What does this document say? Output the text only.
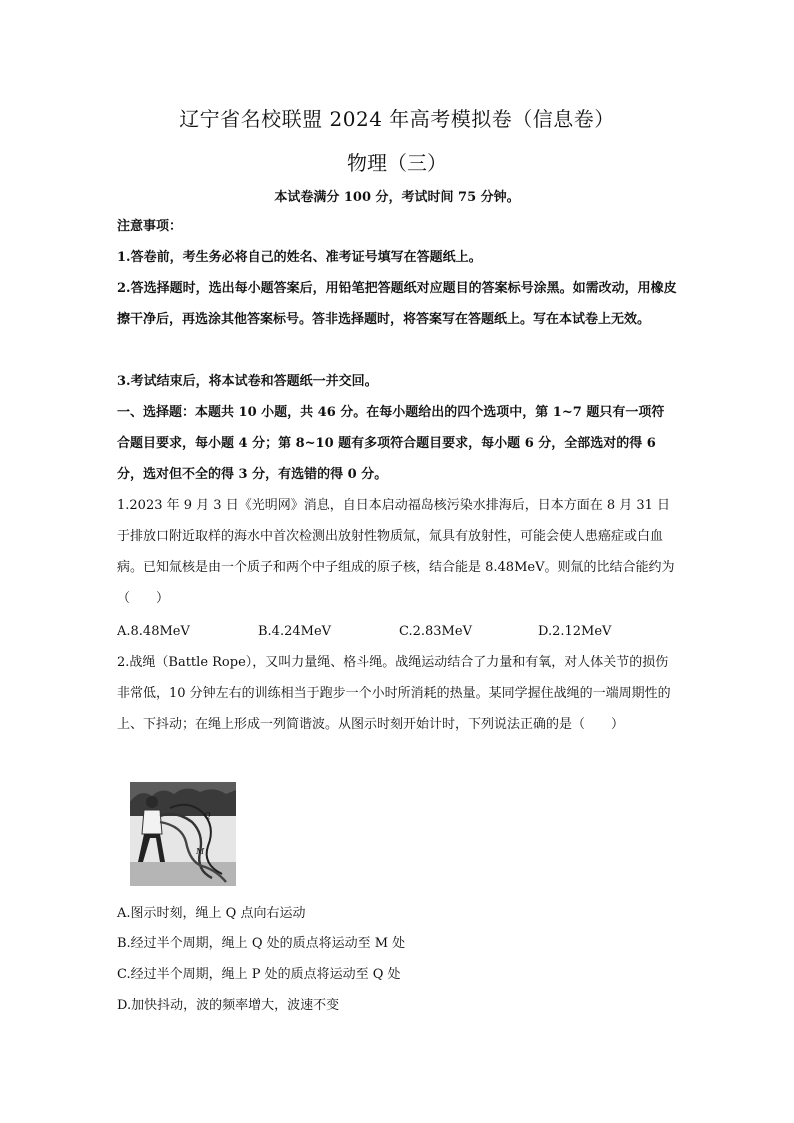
辽宁省名校联盟 2024 年高考模拟卷（信息卷）
物理（三）
本试卷满分 100 分，考试时间 75 分钟。
注意事项：
1.答卷前，考生务必将自己的姓名、准考证号填写在答题纸上。
2.答选择题时，选出每小题答案后，用铅笔把答题纸对应题目的答案标号涂黑。如需改动，用橡皮擦干净后，再选涂其他答案标号。答非选择题时，将答案写在答题纸上。写在本试卷上无效。
3.考试结束后，将本试卷和答题纸一并交回。
一、选择题：本题共 10 小题，共 46 分。在每小题给出的四个选项中，第 1~7 题只有一项符合题目要求，每小题 4 分；第 8~10 题有多项符合题目要求，每小题 6 分，全部选对的得 6 分，选对但不全的得 3 分，有选错的得 0 分。
1.2023 年 9 月 3 日《光明网》消息，自日本启动福岛核污染水排海后，日本方面在 8 月 31 日于排放口附近取样的海水中首次检测出放射性物质氚，氚具有放射性，可能会使人患癌症或白血病。已知氚核是由一个质子和两个中子组成的原子核，结合能是 8.48MeV。则氚的比结合能约为（　　）
A.8.48MeV	B.4.24MeV	C.2.83MeV	D.2.12MeV
2.战绳（Battle Rope），又叫力量绳、格斗绳。战绳运动结合了力量和有氧，对人体关节的损伤非常低，10 分钟左右的训练相当于跑步一个小时所消耗的热量。某同学握住战绳的一端周期性的上、下抖动；在绳上形成一列简谐波。从图示时刻开始计时，下列说法正确的是（　　）
Q
M
A.图示时刻，绳上 Q 点向右运动
B.经过半个周期，绳上 Q 处的质点将运动至 M 处
C.经过半个周期，绳上 P 处的质点将运动至 Q 处
D.加快抖动，波的频率增大，波速不变
